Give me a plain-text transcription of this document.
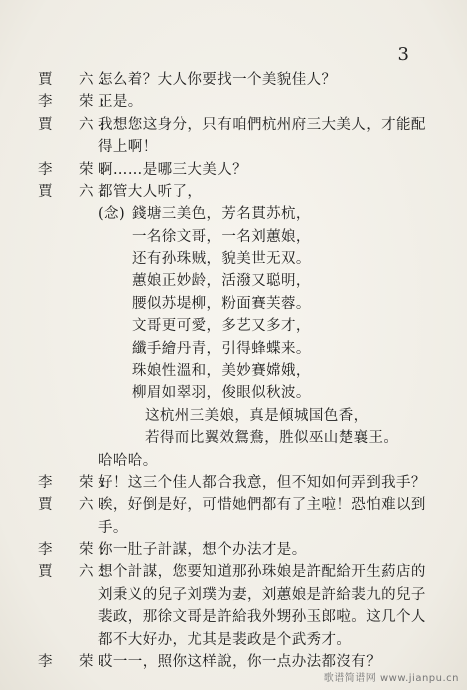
3
賈　六:
怎么着？大人你要找一个美貌佳人？
李　荣:
正是。
賈　六:
我想您这身分，只有咱們杭州府三大美人，才能配
得上啊！
李　荣:
啊……是哪三大美人？
賈　六:
都管大人听了，
(念) 錢塘三美色，芳名貫苏杭，
一名徐文哥，一名刘蕙娘，
还有孙珠贼，貌美世无双。
蕙娘正妙龄，活潑又聪明，
腰似苏堤柳，粉面賽芙蓉。
文哥更可愛，多艺又多才，
纖手繪丹青，引得蜂蝶来。
珠娘性溫和，美妙賽嫦娥，
柳眉如翠羽，俊眼似秋波。
这杭州三美娘，真是傾城国色香，
若得而比翼效鴛鴦，胜似巫山楚襄王。
哈哈哈。
李　荣:
好！这三个佳人都合我意，但不知如何弄到我手？
賈　六:
唉，好倒是好，可惜她們都有了主啦！恐怕难以到
手。
李　荣:
你一肚子計謀，想个办法才是。
賈　六:
想个計謀，您要知道那孙珠娘是許配給开生葯店的
刘秉义的兒子刘璞为妻，刘蕙娘是許給裴九的兒子
裴政，那徐文哥是許給我外甥孙玉郎啦。这几个人
都不大好办，尤其是裴政是个武秀才。
李　荣:
哎一一，照你这样說，你一点办法都沒有？
歌谱简谱网 www.jianpu.cn
